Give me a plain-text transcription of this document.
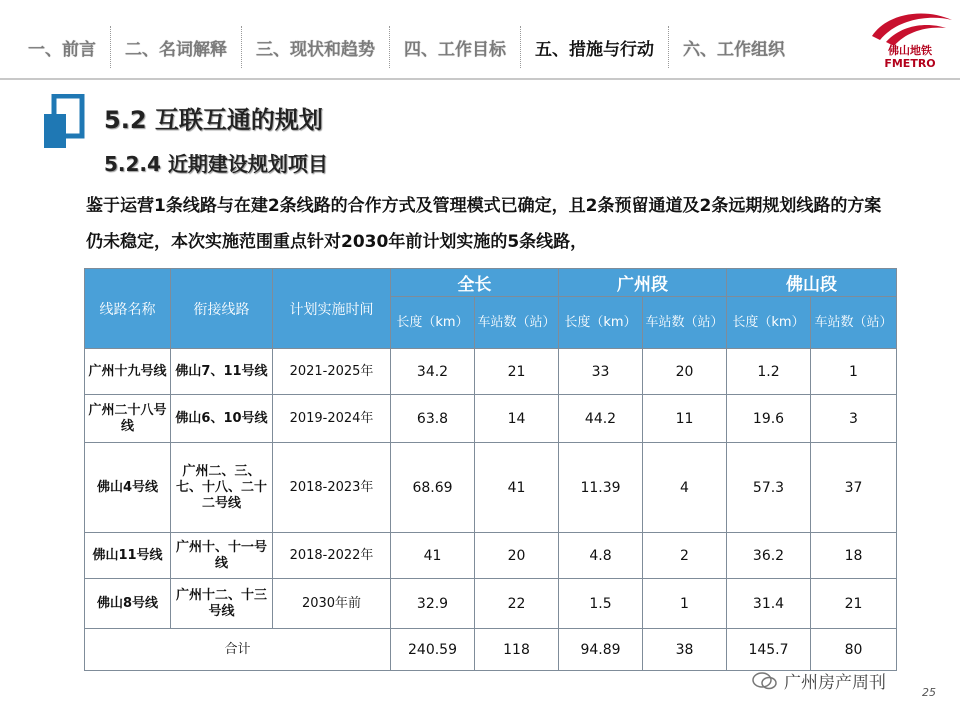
一、前言	二、名词解释	三、现状和趋势	四、工作目标	五、措施与行动	六、工作组织	佛山地铁
FMETRO
5.2 互联互通的规划
5.2.4 近期建设规划项目
鉴于运营1条线路与在建2条线路的合作方式及管理模式已确定，且2条预留通道及2条远期规划线路的方案仍未稳定，本次实施范围重点针对2030年前计划实施的5条线路，
线路名称	衔接线路	计划实施时间	全长		广州段		佛山段	
			长度（km）	车站数（站）	长度（km）	车站数（站）	长度（km）	车站数（站）
广州十九号线	佛山7、11号线	2021-2025年	34.2	21	33	20	1.2	1
广州二十八号线	佛山6、10号线	2019-2024年	63.8	14	44.2	11	19.6	3
佛山4号线	广州二、三、七、十八、二十二号线	2018-2023年	68.69	41	11.39	4	57.3	37
佛山11号线	广州十、十一号线	2018-2022年	41	20	4.8	2	36.2	18
佛山8号线	广州十二、十三号线	2030年前	32.9	22	1.5	1	31.4	21
合计			240.59	118	94.89	38	145.7	80
广州房产周刊	25
